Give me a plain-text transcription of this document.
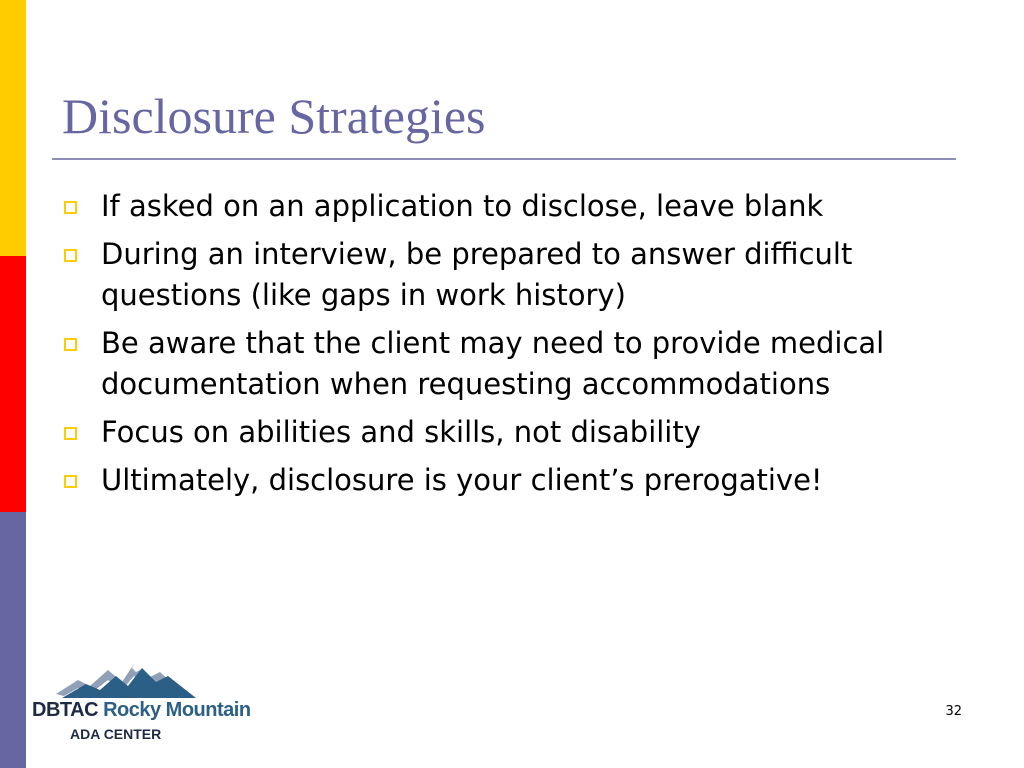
Disclosure Strategies
If asked on an application to disclose, leave blank
During an interview, be prepared to answer difficult questions (like gaps in work history)
Be aware that the client may need to provide medical documentation when requesting accommodations
Focus on abilities and skills, not disability
Ultimately, disclosure is your client’s prerogative!
DBTAC Rocky Mountain
ADA CENTER
32
